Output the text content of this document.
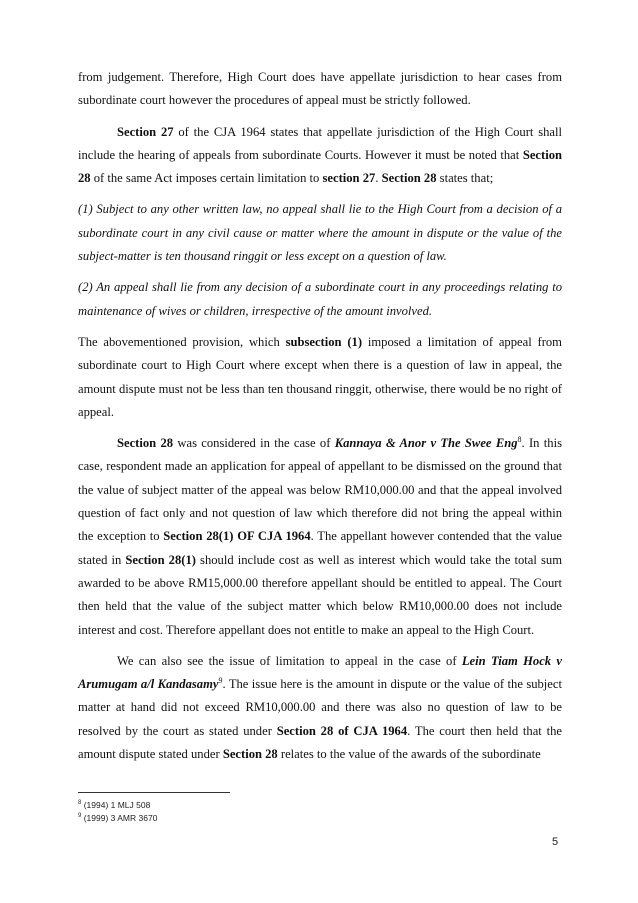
from judgement. Therefore, High Court does have appellate jurisdiction to hear cases from subordinate court however the procedures of appeal must be strictly followed.

Section 27 of the CJA 1964 states that appellate jurisdiction of the High Court shall include the hearing of appeals from subordinate Courts. However it must be noted that Section 28 of the same Act imposes certain limitation to section 27. Section 28 states that;

(1) Subject to any other written law, no appeal shall lie to the High Court from a decision of a subordinate court in any civil cause or matter where the amount in dispute or the value of the subject-matter is ten thousand ringgit or less except on a question of law.

(2) An appeal shall lie from any decision of a subordinate court in any proceedings relating to maintenance of wives or children, irrespective of the amount involved.

The abovementioned provision, which subsection (1) imposed a limitation of appeal from subordinate court to High Court where except when there is a question of law in appeal, the amount dispute must not be less than ten thousand ringgit, otherwise, there would be no right of appeal.

Section 28 was considered in the case of Kannaya & Anor v The Swee Eng$^8$. In this case, respondent made an application for appeal of appellant to be dismissed on the ground that the value of subject matter of the appeal was below RM10,000.00 and that the appeal involved question of fact only and not question of law which therefore did not bring the appeal within the exception to Section 28(1) OF CJA 1964. The appellant however contended that the value stated in Section 28(1) should include cost as well as interest which would take the total sum awarded to be above RM15,000.00 therefore appellant should be entitled to appeal. The Court then held that the value of the subject matter which below RM10,000.00 does not include interest and cost. Therefore appellant does not entitle to make an appeal to the High Court.

We can also see the issue of limitation to appeal in the case of Lein Tiam Hock v Arumugam a/l Kandasamy$^9$. The issue here is the amount in dispute or the value of the subject matter at hand did not exceed RM10,000.00 and there was also no question of law to be resolved by the court as stated under Section 28 of CJA 1964. The court then held that the amount dispute stated under Section 28 relates to the value of the awards of the subordinate

$^8$ (1994) 1 MLJ 508
$^9$ (1999) 3 AMR 3670
5
